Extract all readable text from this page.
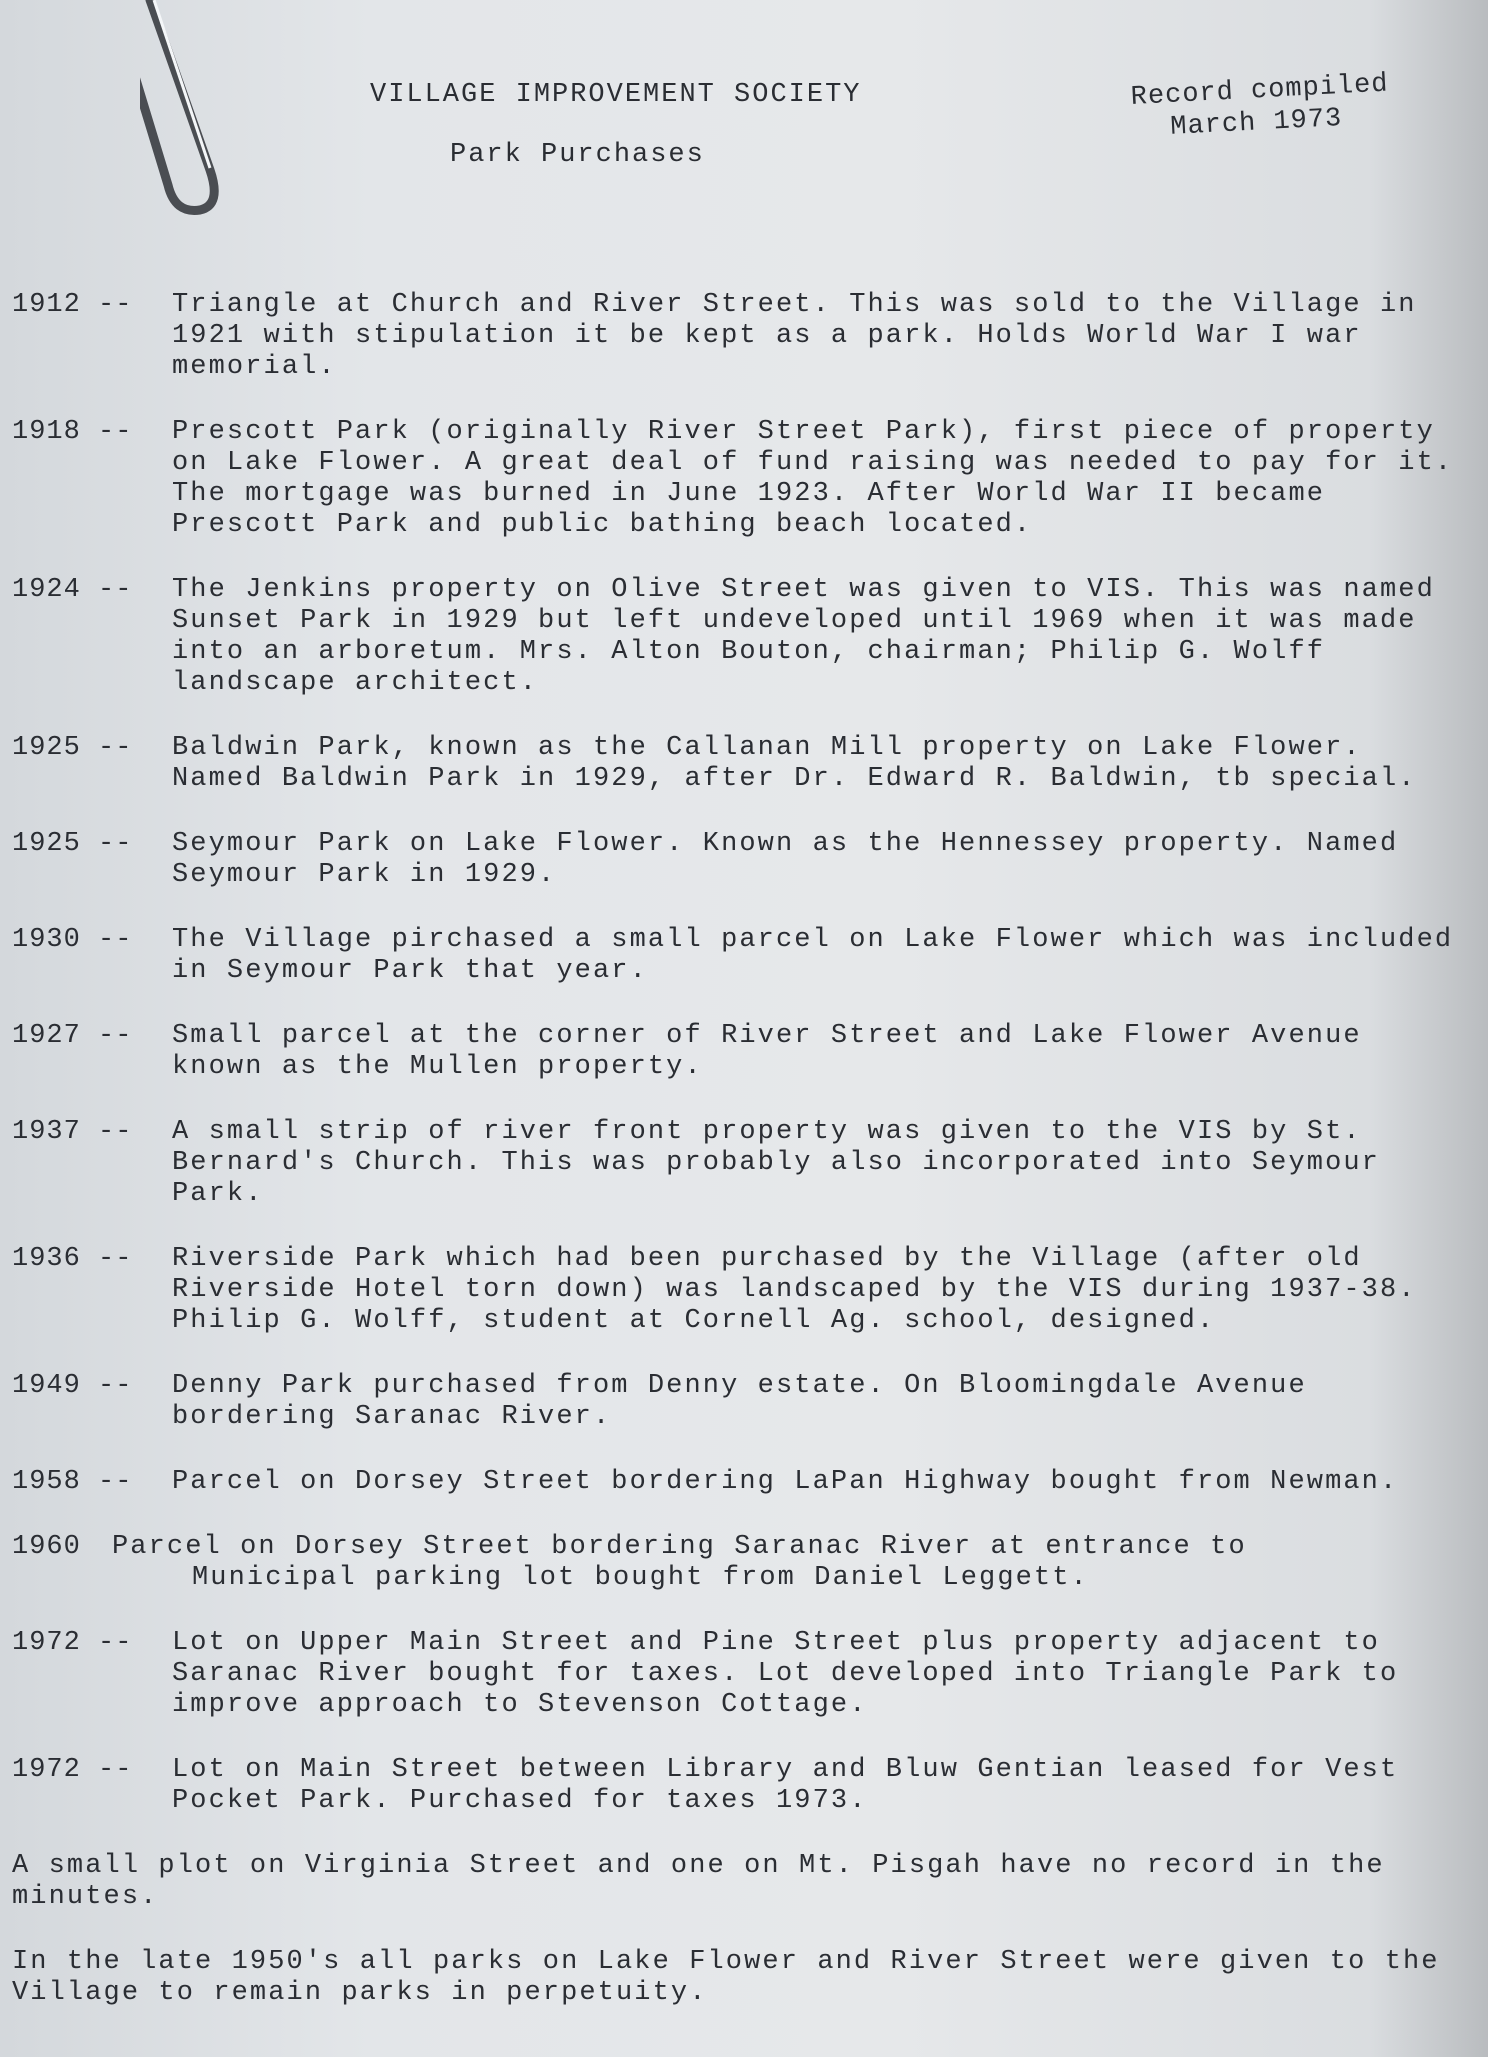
VILLAGE IMPROVEMENT SOCIETY
Park Purchases
Record compiled
March 1973
1912 --	Triangle at Church and River Street. This was sold to the Village in 1921 with stipulation it be kept as a park. Holds World War I war memorial.
1918 --	Prescott Park (originally River Street Park), first piece of property on Lake Flower. A great deal of fund raising was needed to pay for it. The mortgage was burned in June 1923. After World War II became Prescott Park and public bathing beach located.
1924 --	The Jenkins property on Olive Street was given to VIS. This was named Sunset Park in 1929 but left undeveloped until 1969 when it was made into an arboretum. Mrs. Alton Bouton, chairman; Philip G. Wolff landscape architect.
1925 --	Baldwin Park, known as the Callanan Mill property on Lake Flower. Named Baldwin Park in 1929, after Dr. Edward R. Baldwin, tb special.
1925 --	Seymour Park on Lake Flower. Known as the Hennessey property. Named Seymour Park in 1929.
1930 --	The Village pirchased a small parcel on Lake Flower which was included in Seymour Park that year.
1927 --	Small parcel at the corner of River Street and Lake Flower Avenue known as the Mullen property.
1937 --	A small strip of river front property was given to the VIS by St. Bernard's Church. This was probably also incorporated into Seymour Park.
1936 --	Riverside Park which had been purchased by the Village (after old Riverside Hotel torn down) was landscaped by the VIS during 1937-38. Philip G. Wolff, student at Cornell Ag. school, designed.
1949 --	Denny Park purchased from Denny estate. On Bloomingdale Avenue bordering Saranac River.
1958 --	Parcel on Dorsey Street bordering LaPan Highway bought from Newman.
1960	Parcel on Dorsey Street bordering Saranac River at entrance to
Municipal parking lot bought from Daniel Leggett.
1972 --	Lot on Upper Main Street and Pine Street plus property adjacent to Saranac River bought for taxes. Lot developed into Triangle Park to improve approach to Stevenson Cottage.
1972 --	Lot on Main Street between Library and Bluw Gentian leased for Vest Pocket Park. Purchased for taxes 1973.
A small plot on Virginia Street and one on Mt. Pisgah have no record in the minutes.
In the late 1950's all parks on Lake Flower and River Street were given to the Village to remain parks in perpetuity.
